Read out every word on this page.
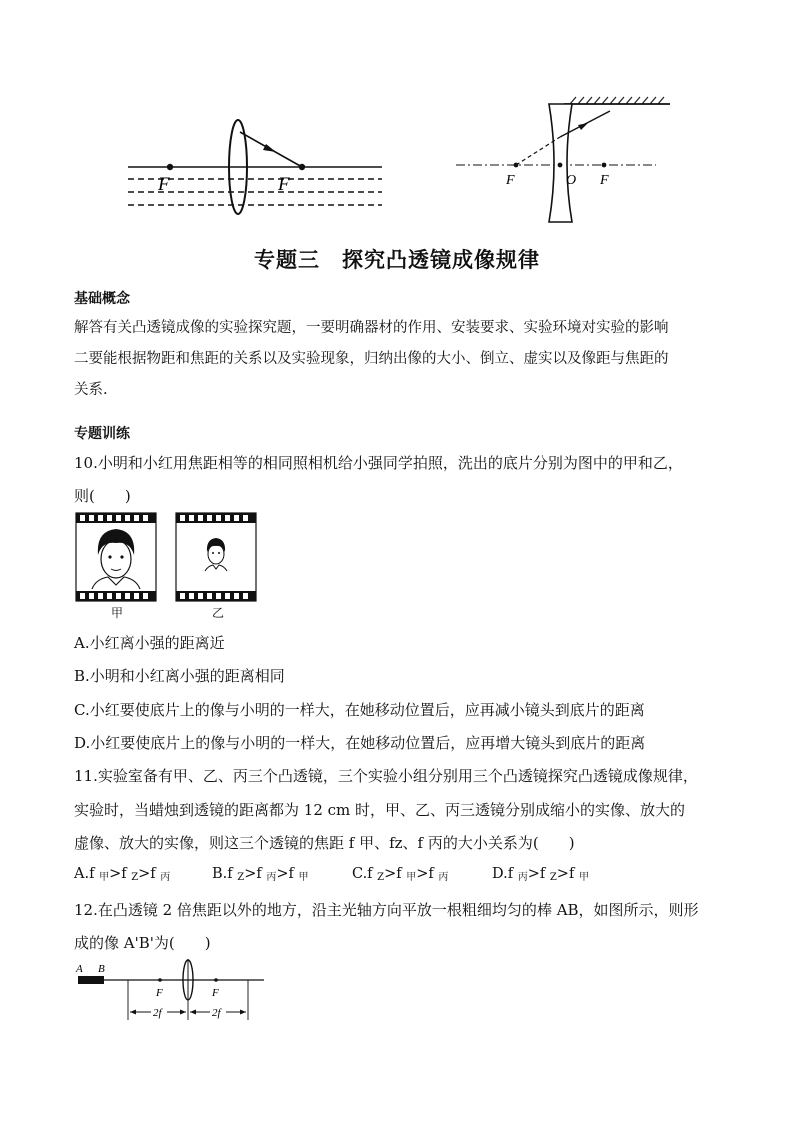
F	F	F	O F
专题三　探究凸透镜成像规律
基础概念
解答有关凸透镜成像的实验探究题，一要明确器材的作用、安装要求、实验环境对实验的影响
二要能根据物距和焦距的关系以及实验现象，归纳出像的大小、倒立、虚实以及像距与焦距的
关系.
专题训练
10.小明和小红用焦距相等的相同照相机给小强同学拍照，洗出的底片分别为图中的甲和乙，
则(　　)
甲	乙
A.小红离小强的距离近
B.小明和小红离小强的距离相同
C.小红要使底片上的像与小明的一样大，在她移动位置后，应再减小镜头到底片的距离
D.小红要使底片上的像与小明的一样大，在她移动位置后，应再增大镜头到底片的距离
11.实验室备有甲、乙、丙三个凸透镜，三个实验小组分别用三个凸透镜探究凸透镜成像规律，
实验时，当蜡烛到透镜的距离都为 12 cm 时，甲、乙、丙三透镜分别成缩小的实像、放大的
虚像、放大的实像，则这三个透镜的焦距 f 甲、fz、f 丙的大小关系为(　　)
A.f $_甲$>f $_Z$>f $_丙$	B.f $_Z$>f $_丙$>f $_甲$	C.f $_Z$>f $_甲$>f $_丙$	D.f $_丙$>f $_Z$>f $_甲$
12.在凸透镜 2 倍焦距以外的地方，沿主光轴方向平放一根粗细均匀的棒 AB，如图所示，则形
成的像 A'B'为(　　)
A B
F	F
2f	2f
